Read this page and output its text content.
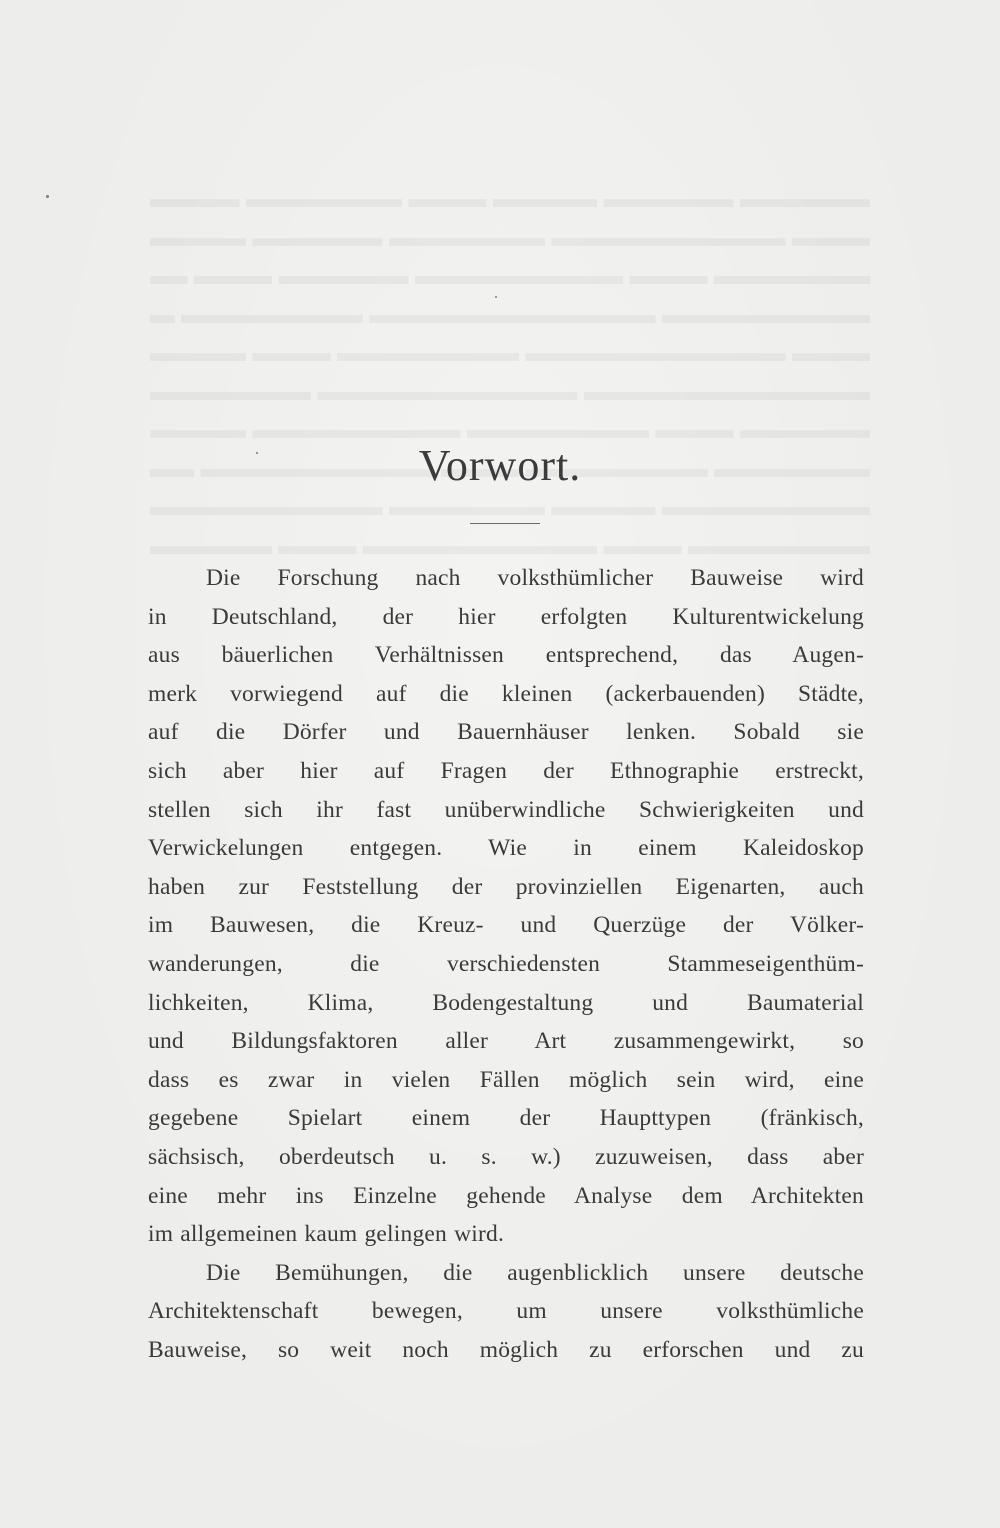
Vorwort.
Die Forschung nach volksthümlicher Bauweise wird
in Deutschland, der hier erfolgten Kulturentwickelung
aus bäuerlichen Verhältnissen entsprechend, das Augen-
merk vorwiegend auf die kleinen (ackerbauenden) Städte,
auf die Dörfer und Bauernhäuser lenken. Sobald sie
sich aber hier auf Fragen der Ethnographie erstreckt,
stellen sich ihr fast unüberwindliche Schwierigkeiten und
Verwickelungen entgegen. Wie in einem Kaleidoskop
haben zur Feststellung der provinziellen Eigenarten, auch
im Bauwesen, die Kreuz- und Querzüge der Völker-
wanderungen, die verschiedensten Stammeseigenthüm-
lichkeiten, Klima, Bodengestaltung und Baumaterial
und Bildungsfaktoren aller Art zusammengewirkt, so
dass es zwar in vielen Fällen möglich sein wird, eine
gegebene Spielart einem der Haupttypen (fränkisch,
sächsisch, oberdeutsch u. s. w.) zuzuweisen, dass aber
eine mehr ins Einzelne gehende Analyse dem Architekten
im allgemeinen kaum gelingen wird.
Die Bemühungen, die augenblicklich unsere deutsche
Architektenschaft bewegen, um unsere volksthümliche
Bauweise, so weit noch möglich zu erforschen und zu
